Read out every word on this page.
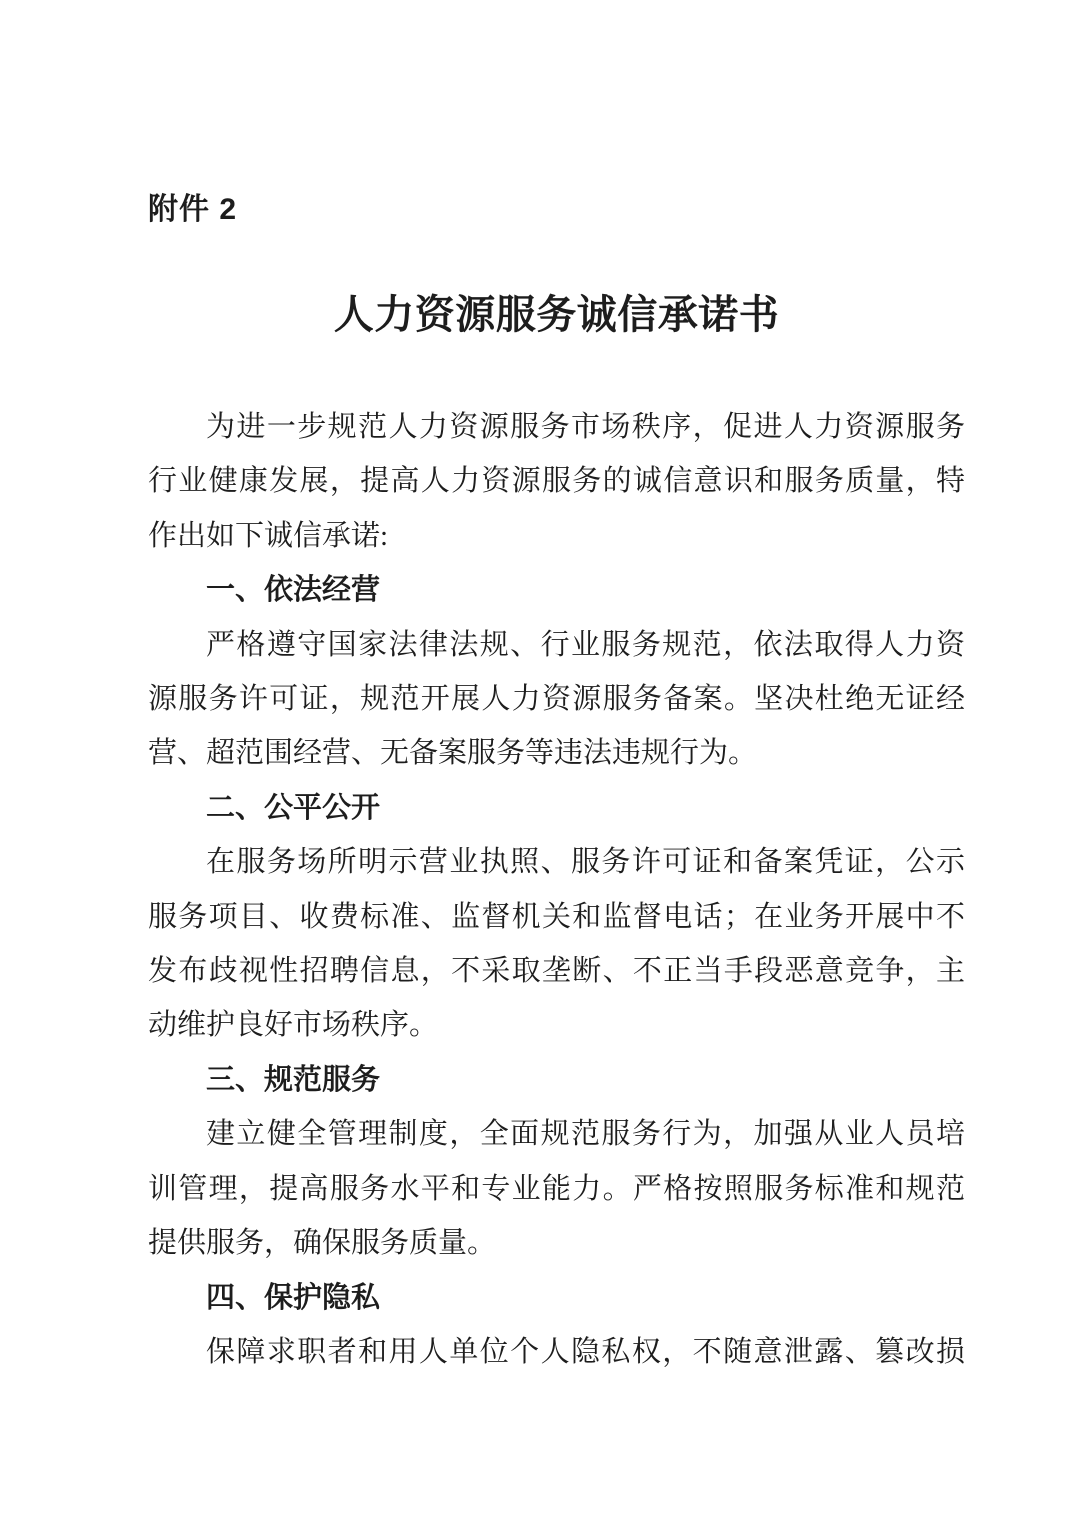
附件 2
人力资源服务诚信承诺书
为进一步规范人力资源服务市场秩序，促进人力资源服务
行业健康发展，提高人力资源服务的诚信意识和服务质量，特
作出如下诚信承诺:
一、依法经营
严格遵守国家法律法规、行业服务规范，依法取得人力资
源服务许可证，规范开展人力资源服务备案。坚决杜绝无证经
营、超范围经营、无备案服务等违法违规行为。
二、公平公开
在服务场所明示营业执照、服务许可证和备案凭证，公示
服务项目、收费标准、监督机关和监督电话；在业务开展中不
发布歧视性招聘信息，不采取垄断、不正当手段恶意竞争，主
动维护良好市场秩序。
三、规范服务
建立健全管理制度，全面规范服务行为，加强从业人员培
训管理，提高服务水平和专业能力。严格按照服务标准和规范
提供服务，确保服务质量。
四、保护隐私
保障求职者和用人单位个人隐私权，不随意泄露、篡改损
